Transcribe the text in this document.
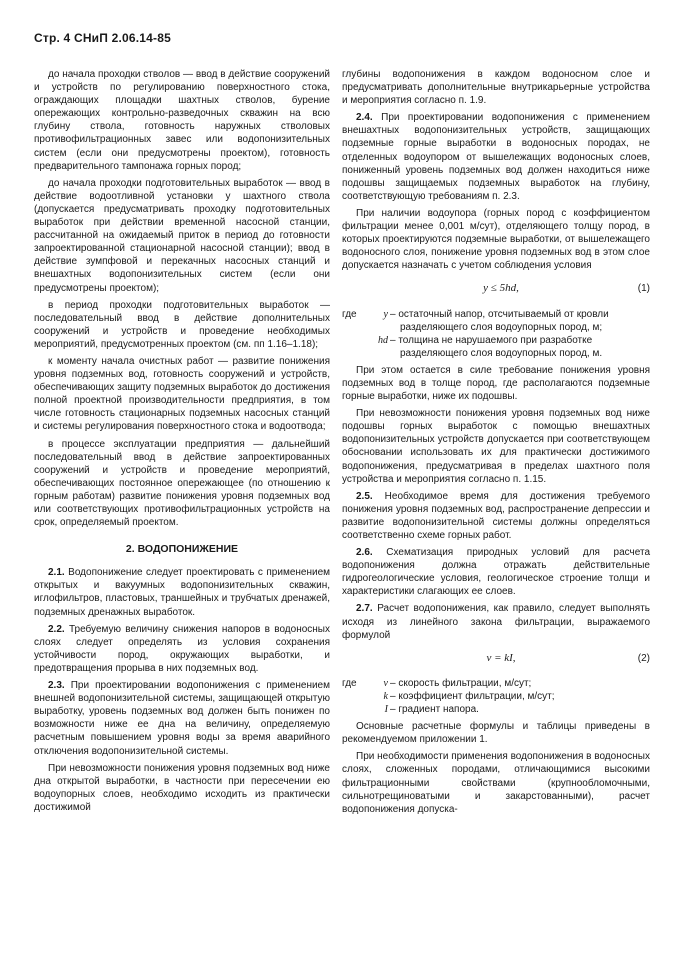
Стр. 4 СНиП 2.06.14-85

до начала проходки стволов — ввод в действие сооружений и устройств по регулированию поверхностного стока, ограждающих площадки шахтных стволов, бурение опережающих контрольно-разведочных скважин на всю глубину ствола, готовность наружных стволовых противофильтрационных завес или водопонизительных систем (если они предусмотрены проектом), готовность предварительного тампонажа горных пород;

до начала проходки подготовительных выработок — ввод в действие водоотливной установки у шахтного ствола (допускается предусматривать проходку подготовительных выработок при действии временной насосной станции, рассчитанной на ожидаемый приток в период до готовности запроектированной стационарной насосной станции); ввод в действие зумпфовой и перекачных насосных станций и внешахтных водопонизительных систем (если они предусмотрены проектом);

в период проходки подготовительных выработок — последовательный ввод в действие дополнительных сооружений и устройств и проведение необходимых мероприятий, предусмотренных проектом (см. пп 1.16–1.18);

к моменту начала очистных работ — развитие понижения уровня подземных вод, готовность сооружений и устройств, обеспечивающих защиту подземных выработок до достижения полной проектной производительности предприятия, в том числе готовность стационарных подземных насосных станций и системы регулирования поверхностного стока и водоотвода;

в процессе эксплуатации предприятия — дальнейший последовательный ввод в действие запроектированных сооружений и устройств и проведение мероприятий, обеспечивающих постоянное опережающее (по отношению к горным работам) развитие понижения уровня подземных вод или соответствующих противофильтрационных устройств на срок, определяемый проектом.

2. ВОДОПОНИЖЕНИЕ

2.1. Водопонижение следует проектировать с применением открытых и вакуумных водопонизительных скважин, иглофильтров, пластовых, траншейных и трубчатых дренажей, подземных дренажных выработок.

2.2. Требуемую величину снижения напоров в водоносных слоях следует определять из условия сохранения устойчивости пород, окружающих выработки, и предотвращения прорыва в них подземных вод.

2.3. При проектировании водопонижения с применением внешней водопонизительной системы, защищающей открытую выработку, уровень подземных вод должен быть понижен по возможности ниже ее дна на величину, определяемую расчетным повышением уровня воды за время аварийного отключения водопонизительной системы.

При невозможности понижения уровня подземных вод ниже дна открытой выработки, в частности при пересечении ею водоупорных слоев, необходимо исходить из практически достижимой

глубины водопонижения в каждом водоносном слое и предусматривать дополнительные внутрикарьерные устройства и мероприятия согласно п. 1.9.

2.4. При проектировании водопонижения с применением внешахтных водопонизительных устройств, защищающих подземные горные выработки в водоносных породах, не отделенных водоупором от вышележащих водоносных слоев, пониженный уровень подземных вод должен находиться ниже подошвы защищаемых подземных выработок на глубину, соответствующую требованиям п. 2.3.

При наличии водоупора (горных пород с коэффициентом фильтрации менее 0,001 м/сут), отделяющего толщу пород, в которых проектируются подземные выработки, от вышележащего водоносного слоя, понижение уровня подземных вод в этом слое допускается назначать с учетом соблюдения условия

y ≤ 5hd,	(1)
где	y – остаточный напор, отсчитываемый от кровли разделяющего слоя водоупорных пород, м;
hd – толщина не нарушаемого при разработке разделяющего слоя водоупорных пород, м.

При этом остается в силе требование понижения уровня подземных вод в толще пород, где располагаются подземные горные выработки, ниже их подошвы.

При невозможности понижения уровня подземных вод ниже подошвы горных выработок с помощью внешахтных водопонизительных устройств допускается при соответствующем обосновании использовать их для практически достижимого водопонижения, предусматривая в пределах шахтного поля устройства и мероприятия согласно п. 1.15.

2.5. Необходимое время для достижения требуемого понижения уровня подземных вод, распространение депрессии и развитие водопонизительной системы должны определяться соответственно схеме горных работ.

2.6. Схематизация природных условий для расчета водопонижения должна отражать действительные гидрогеологические условия, геологическое строение толщи и характеристики слагающих ее слоев.

2.7. Расчет водопонижения, как правило, следует выполнять исходя из линейного закона фильтрации, выражаемого формулой

v = kI,	(2)
где	v – скорость фильтрации, м/сут;
k – коэффициент фильтрации, м/сут;
I – градиент напора.

Основные расчетные формулы и таблицы приведены в рекомендуемом приложении 1.

При необходимости применения водопонижения в водоносных слоях, сложенных породами, отличающимися высокими фильтрационными свойствами (крупнообломочными, сильнотрещиноватыми и закарстованными), расчет водопонижения допуска-
